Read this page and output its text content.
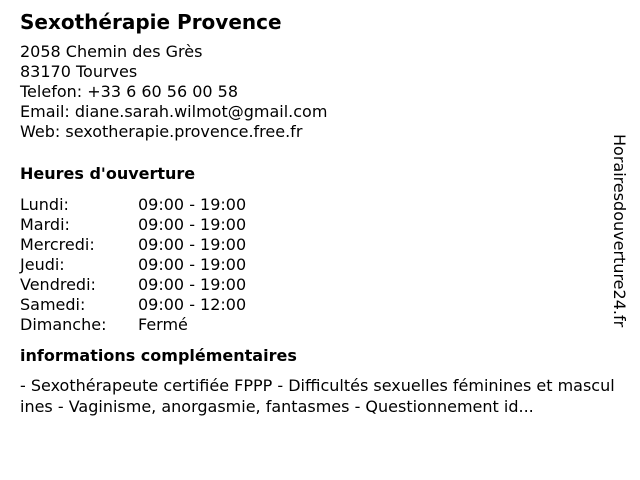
Sexothérapie Provence
2058 Chemin des Grès
83170 Tourves
Telefon: +33 6 60 56 00 58
Email: diane.sarah.wilmot@gmail.com
Web: sexotherapie.provence.free.fr
Heures d'ouverture
Lundi:	09:00 - 19:00
Mardi:	09:00 - 19:00
Mercredi:	09:00 - 19:00
Jeudi:	09:00 - 19:00
Vendredi:	09:00 - 19:00
Samedi:	09:00 - 12:00
Dimanche:	Fermé
informations complémentaires

- Sexothérapeute certifiée FPPP - Difficultés sexuelles féminines et masculines - Vaginisme, anorgasmie, fantasmes - Questionnement id...

Horairesdouverture24.fr
